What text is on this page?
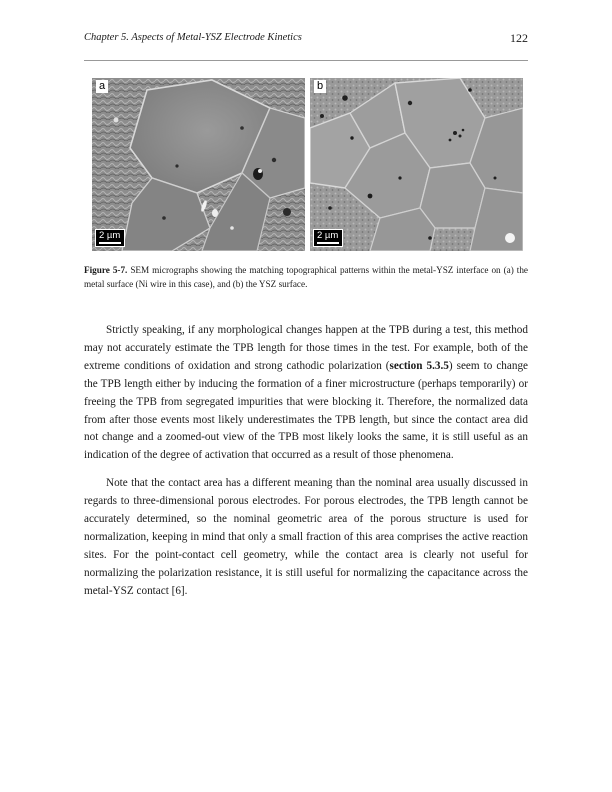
Chapter 5. Aspects of Metal-YSZ Electrode Kinetics	122
a
2 µm
b
2 µm
Figure 5-7. SEM micrographs showing the matching topographical patterns within the metal-YSZ interface on (a) the metal surface (Ni wire in this case), and (b) the YSZ surface.

Strictly speaking, if any morphological changes happen at the TPB during a test, this method may not accurately estimate the TPB length for those times in the test. For example, both of the extreme conditions of oxidation and strong cathodic polarization (section 5.3.5) seem to change the TPB length either by inducing the formation of a finer microstructure (perhaps temporarily) or freeing the TPB from segregated impurities that were blocking it. Therefore, the normalized data from after those events most likely underestimates the TPB length, but since the contact area did not change and a zoomed-out view of the TPB most likely looks the same, it is still useful as an indication of the degree of activation that occurred as a result of those phenomena.

Note that the contact area has a different meaning than the nominal area usually discussed in regards to three-dimensional porous electrodes. For porous electrodes, the TPB length cannot be accurately determined, so the nominal geometric area of the porous structure is used for normalization, keeping in mind that only a small fraction of this area comprises the active reaction sites. For the point-contact cell geometry, while the contact area is clearly not useful for normalizing the polarization resistance, it is still useful for normalizing the capacitance across the metal-YSZ contact [6].
